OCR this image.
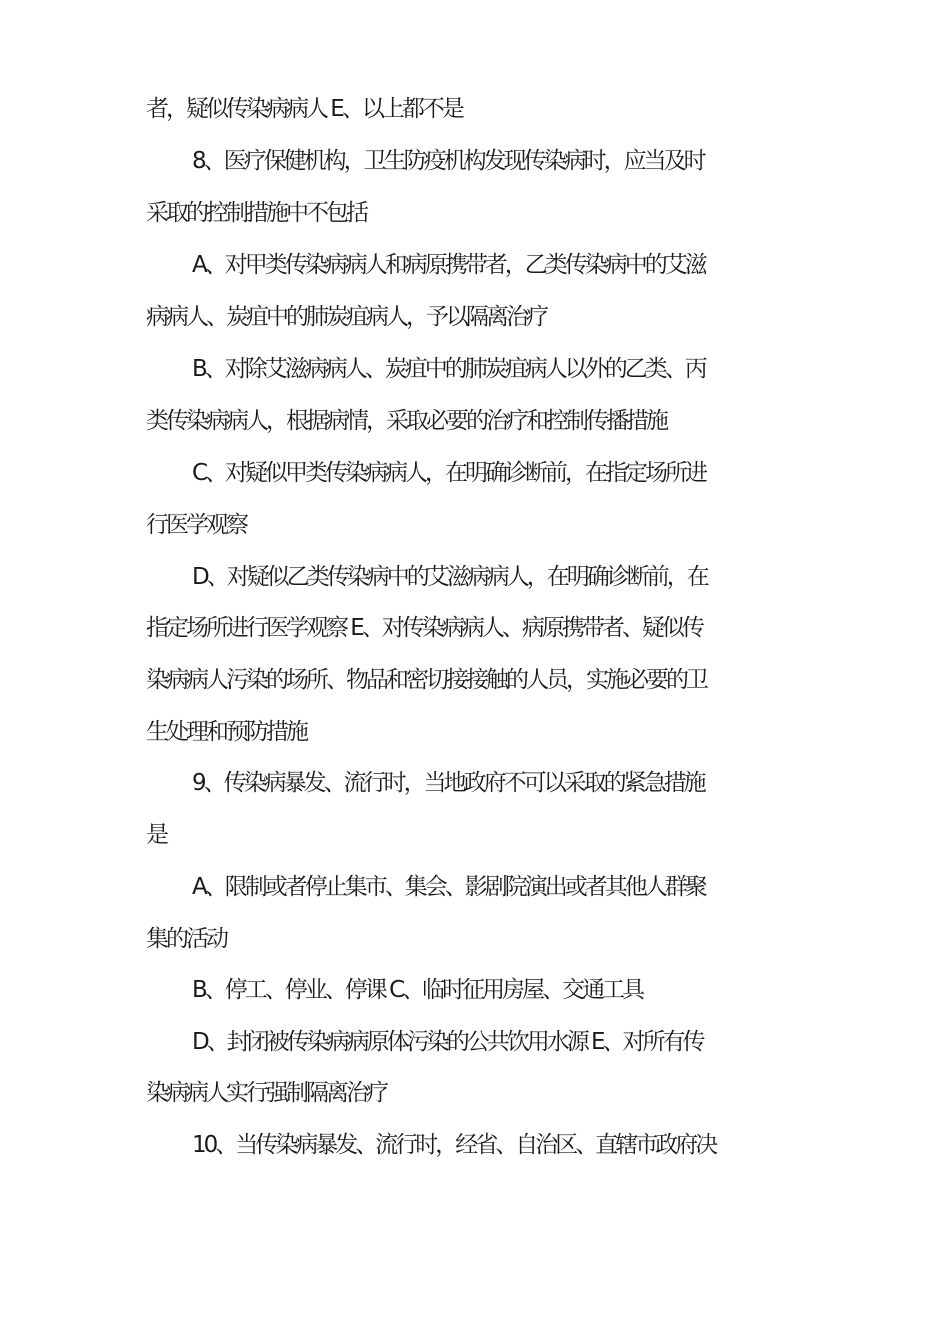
者，疑似传染病病人 E、以上都不是
8、医疗保健机构，卫生防疫机构发现传染病时，应当及时
采取的控制措施中不包括
A、对甲类传染病病人和病原携带者，乙类传染病中的艾滋
病病人、炭疽中的肺炭疽病人，予以隔离治疗
B、对除艾滋病病人、炭疽中的肺炭疽病人以外的乙类、丙
类传染病病人，根据病情，采取必要的治疗和控制传播措施
C、对疑似甲类传染病病人，在明确诊断前，在指定场所进
行医学观察
D、对疑似乙类传染病中的艾滋病病人，在明确诊断前，在
指定场所进行医学观察 E、对传染病病人、病原携带者、疑似传
染病病人污染的场所、物品和密切接接触的人员，实施必要的卫
生处理和预防措施
9、传染病暴发、流行时，当地政府不可以采取的紧急措施
是
A、限制或者停止集市、集会、影剧院演出或者其他人群聚
集的活动
B、停工、停业、停课 C、临时征用房屋、交通工具
D、封闭被传染病病原体污染的公共饮用水源 E、对所有传
染病病人实行强制隔离治疗
10、当传染病暴发、流行时，经省、自治区、直辖市政府决
